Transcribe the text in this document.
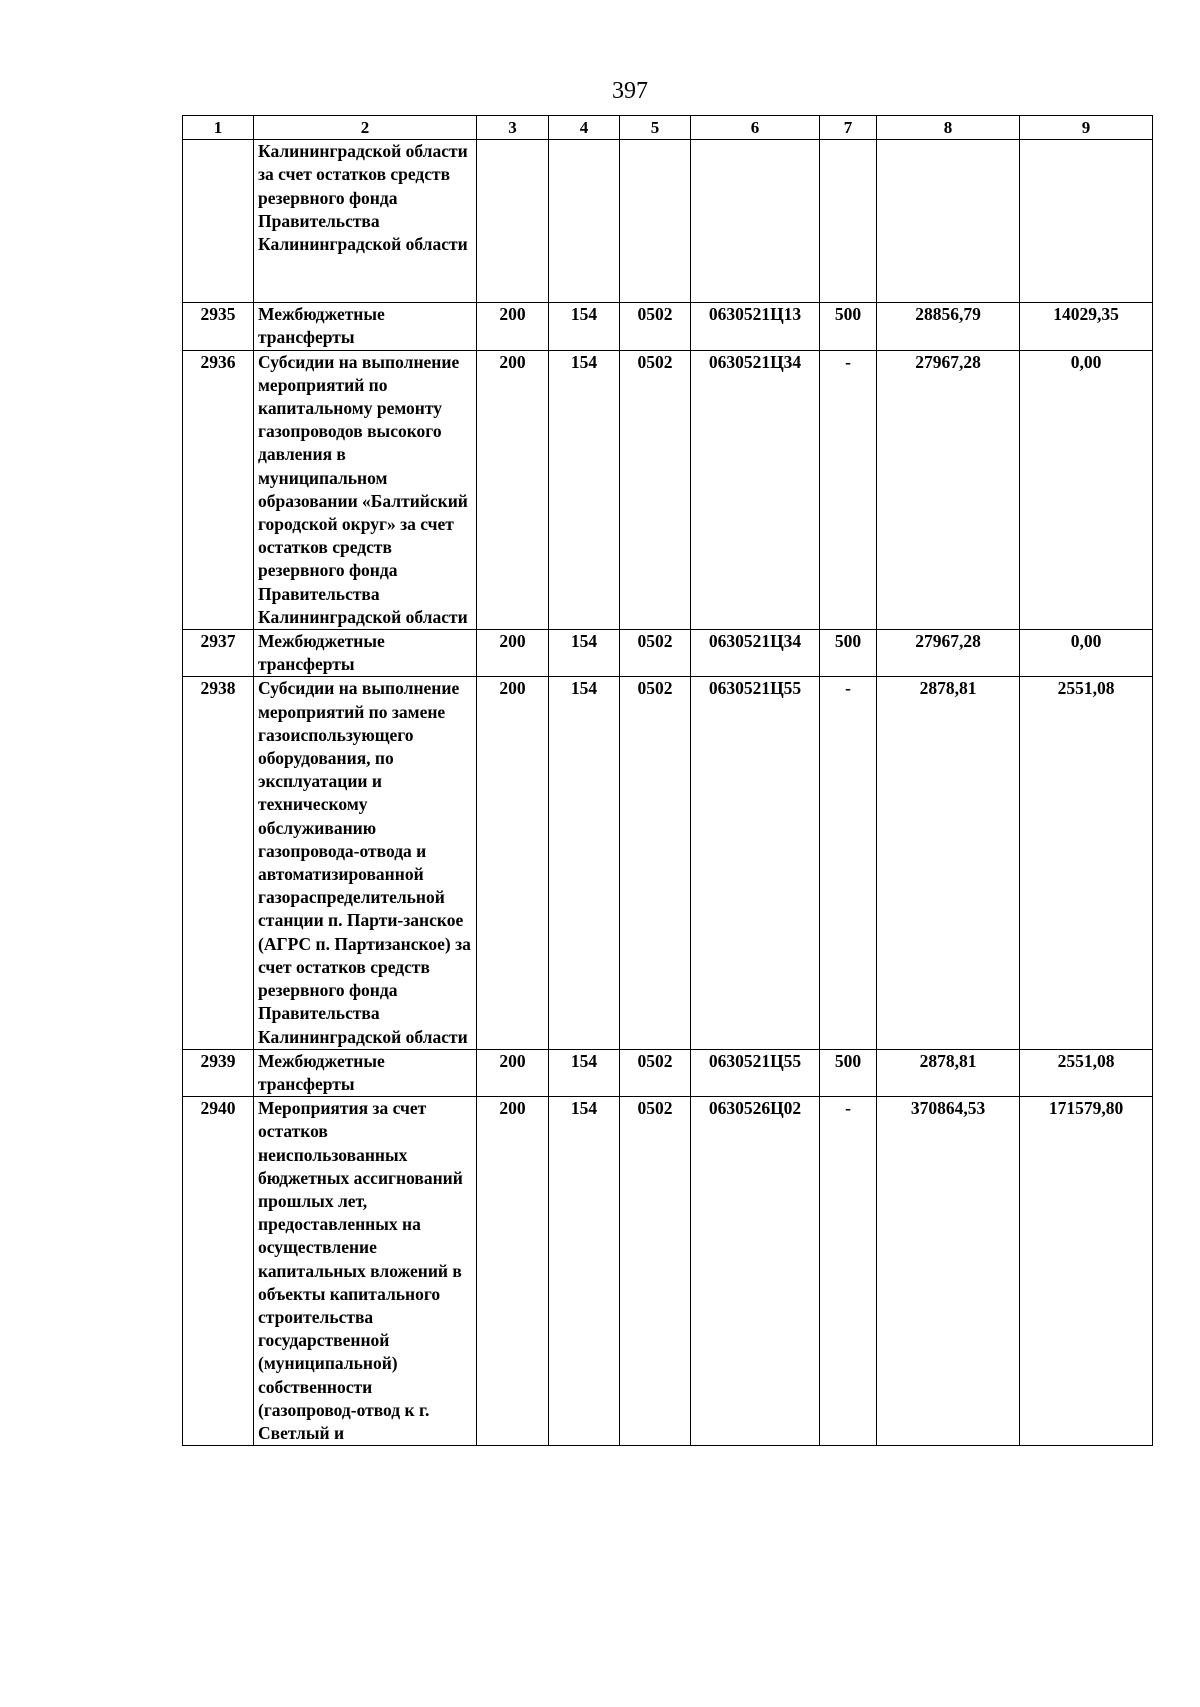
397
1	2	3	4	5	6	7	8	9
	Калининградской области за счет остатков средств резервного фонда Правительства Калининградской области							
2935	Межбюджетные трансферты	200	154	0502	0630521Ц13	500	28856,79	14029,35
2936	Субсидии на выполнение мероприятий по капитальному ремонту газопроводов высокого давления в муниципальном образовании «Балтийский городской округ» за счет остатков средств резервного фонда Правительства Калининградской области	200	154	0502	0630521Ц34	-	27967,28	0,00
2937	Межбюджетные трансферты	200	154	0502	0630521Ц34	500	27967,28	0,00
2938	Субсидии на выполнение мероприятий по замене газоиспользующего оборудования, по эксплуатации и техническому обслуживанию газопровода-отвода и автоматизированной газораспределительной станции п. Парти-занское (АГРС п. Партизанское) за счет остатков средств резервного фонда Правительства Калининградской области	200	154	0502	0630521Ц55	-	2878,81	2551,08
2939	Межбюджетные трансферты	200	154	0502	0630521Ц55	500	2878,81	2551,08
2940	Мероприятия за счет остатков неиспользованных бюджетных ассигнований прошлых лет, предоставленных на осуществление капитальных вложений в объекты капитального строительства государственной (муниципальной) собственности (газопровод-отвод к г. Светлый и	200	154	0502	0630526Ц02	-	370864,53	171579,80
